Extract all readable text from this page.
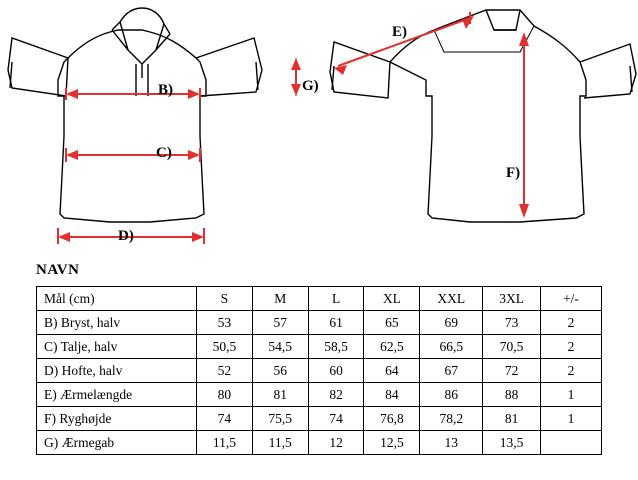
B)
C)
D)
G)
E)
F)
NAVN
Mål (cm)	S	M	L	XL	XXL	3XL	+/-
B) Bryst, halv	53	57	61	65	69	73	2
C) Talje, halv	50,5	54,5	58,5	62,5	66,5	70,5	2
D) Hofte, halv	52	56	60	64	67	72	2
E) Ærmelængde	80	81	82	84	86	88	1
F) Ryghøjde	74	75,5	74	76,8	78,2	81	1
G) Ærmegab	11,5	11,5	12	12,5	13	13,5	
